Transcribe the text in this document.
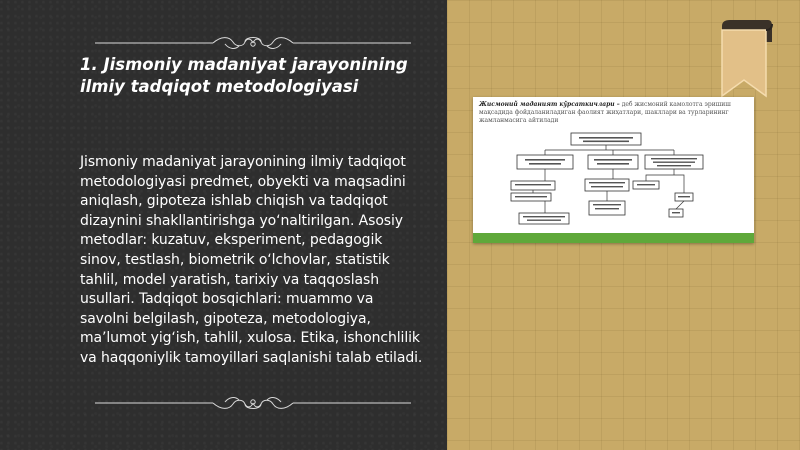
1. Jismoniy madaniyat jarayonining ilmiy tadqiqot metodologiyasi
Jismoniy madaniyat jarayonining ilmiy tadqiqot metodologiyasi predmet, obyekti va maqsadini aniqlash, gipoteza ishlab chiqish va tadqiqot dizaynini shakllantirishga yo‘naltirilgan. Asosiy metodlar: kuzatuv, eksperiment, pedagogik sinov, testlash, biometrik o‘lchovlar, statistik tahlil, model yaratish, tarixiy va taqqoslash usullari. Tadqiqot bosqichlari: muammo va savolni belgilash, gipoteza, metodologiya, ma’lumot yig‘ish, tahlil, xulosa. Etika, ishonchlilik va haqqoniylik tamoyillari saqlanishi talab etiladi.
Жисмоний маданият кўрсаткичлари – деб жисмоний камолотга эришиш мақсадида фойдаланиладиган фаолият жиҳатлари, шакллари ва турларининг жамланмасига айтилади
